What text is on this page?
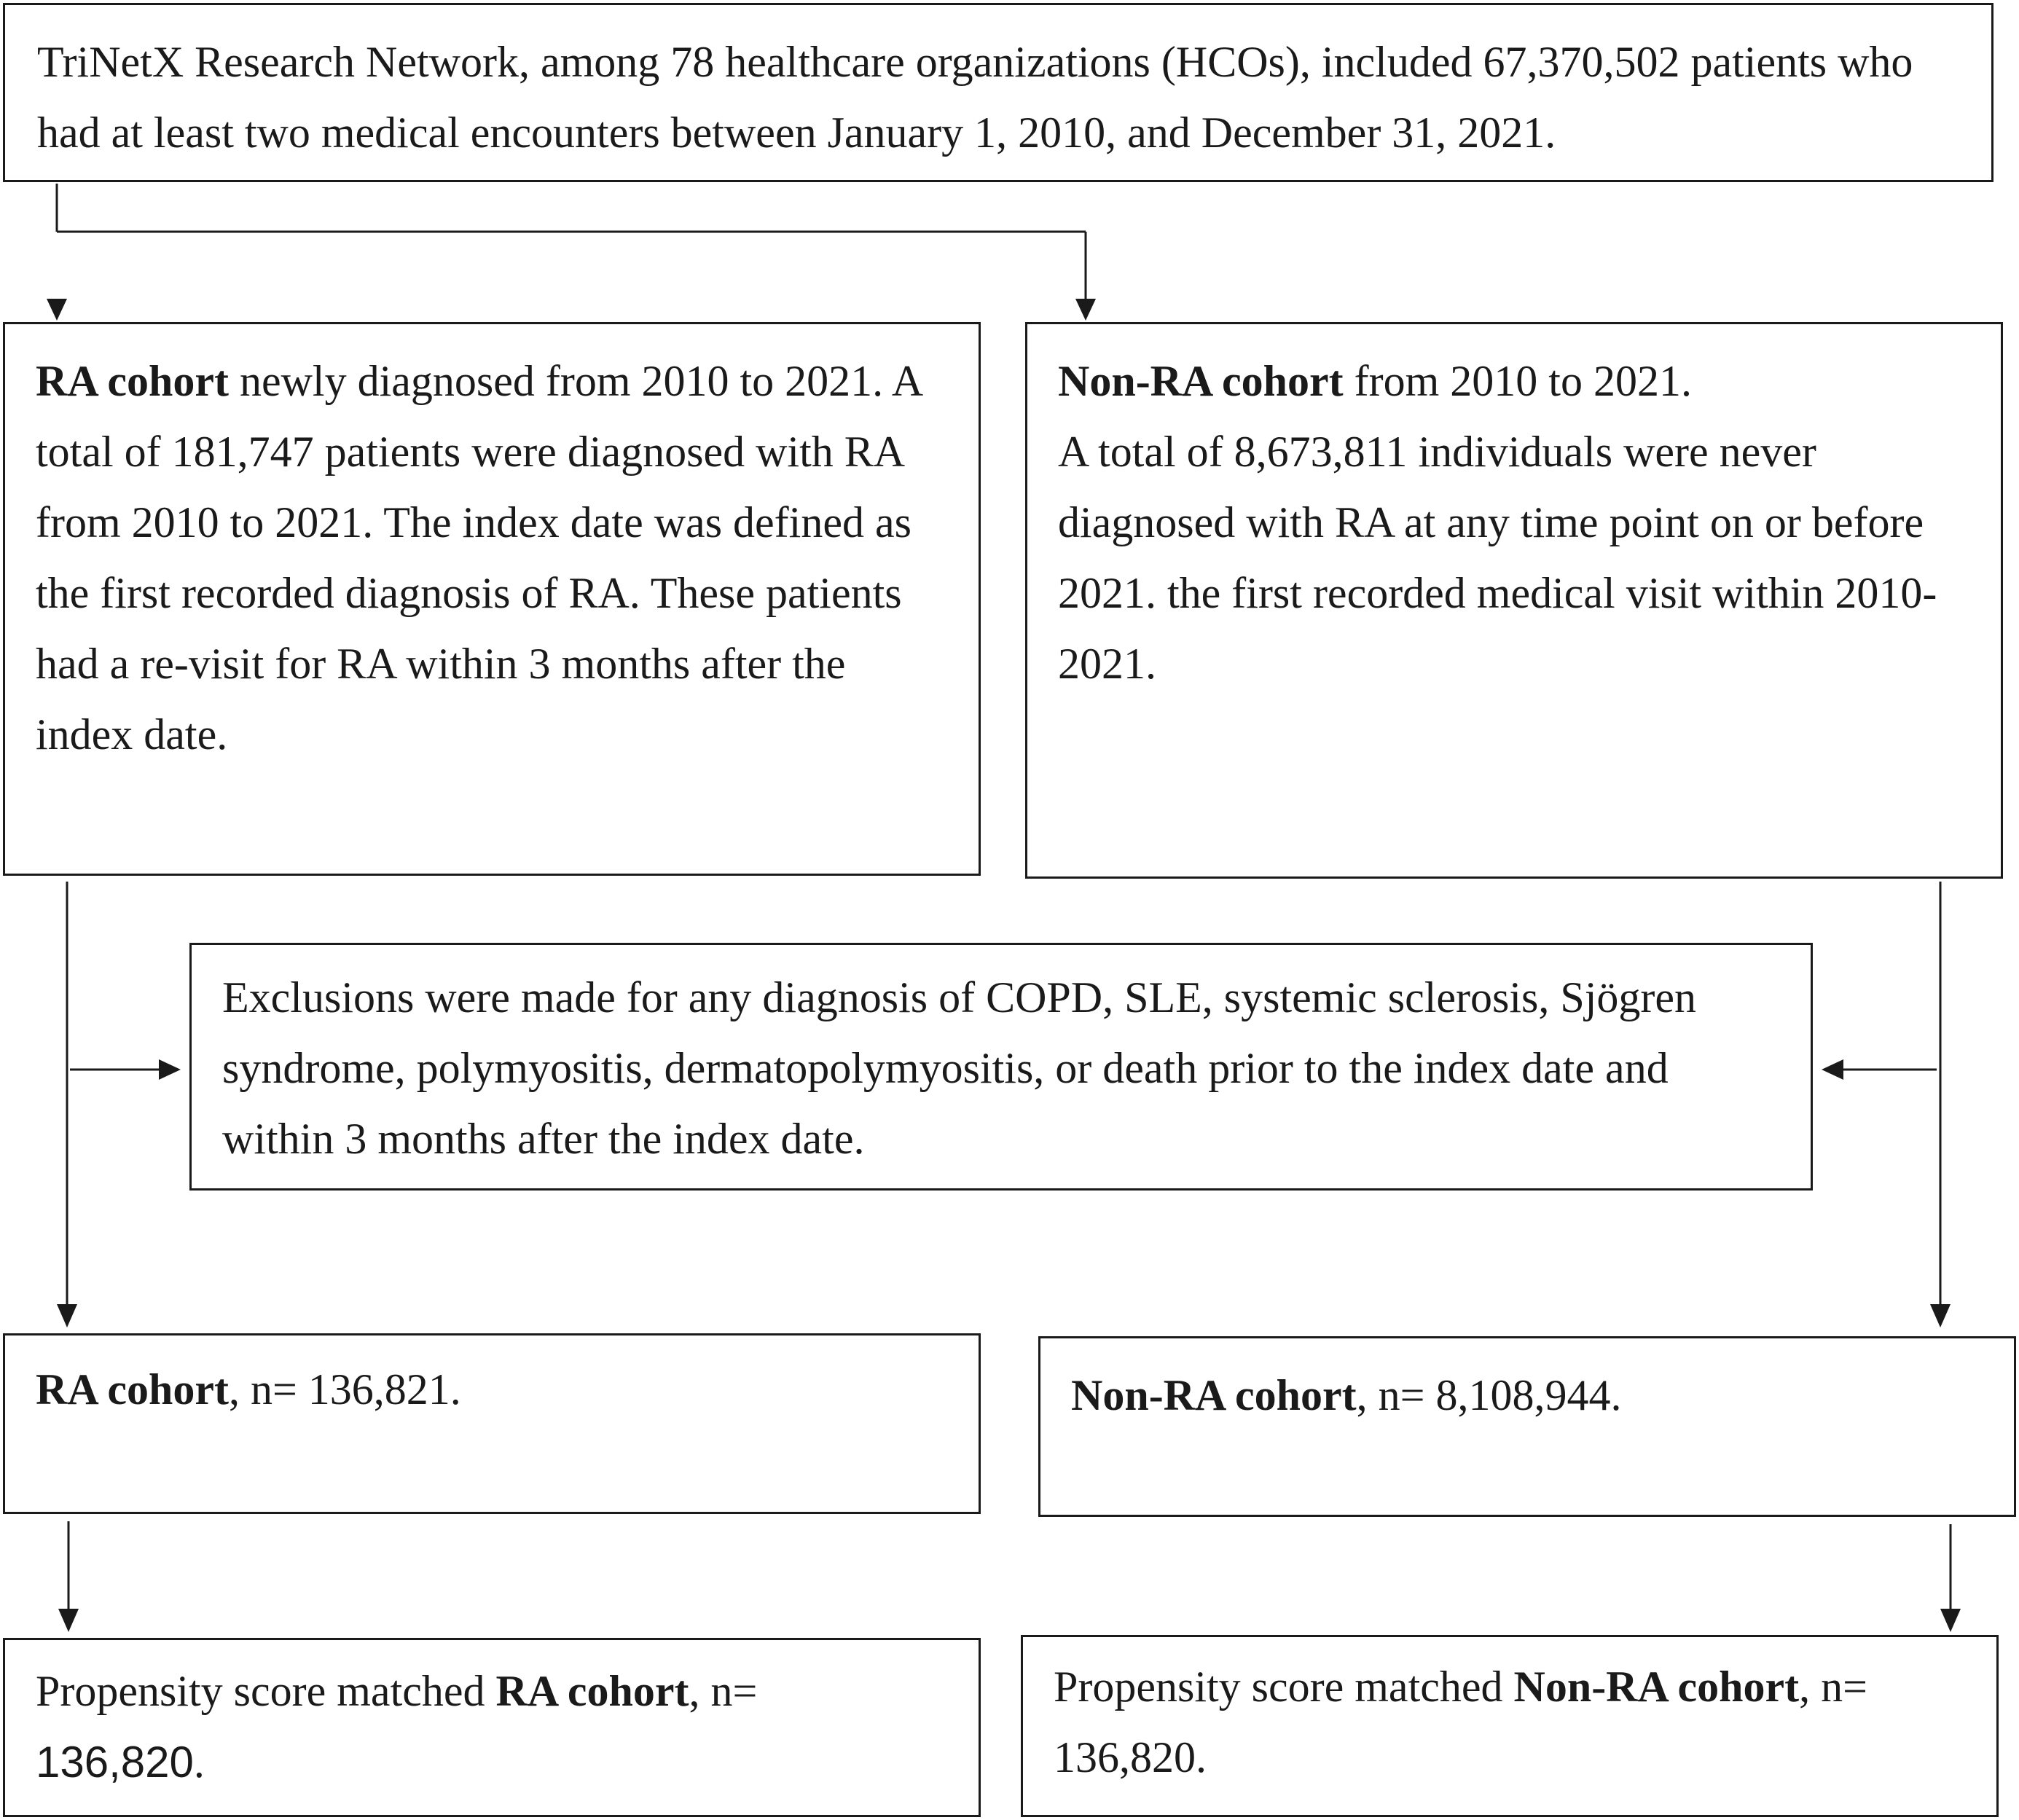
TriNetX Research Network, among 78 healthcare organizations (HCOs), included 67,370,502 patients who had at least two medical encounters between January 1, 2010, and December 31, 2021.

RA cohort newly diagnosed from 2010 to 2021. A total of 181,747 patients were diagnosed with RA from 2010 to 2021. The index date was defined as the first recorded diagnosis of RA. These patients had a re-visit for RA within 3 months after the index date.

Non-RA cohort from 2010 to 2021.

A total of 8,673,811 individuals were never diagnosed with RA at any time point on or before 2021. the first recorded medical visit within 2010-2021.

Exclusions were made for any diagnosis of COPD, SLE, systemic sclerosis, Sjögren syndrome, polymyositis, dermatopolymyositis, or death prior to the index date and within 3 months after the index date.

RA cohort, n= 136,821.	Non-RA cohort, n= 8,108,944.

Propensity score matched RA cohort, n=
136,820.

Propensity score matched Non-RA cohort, n=
136,820.
